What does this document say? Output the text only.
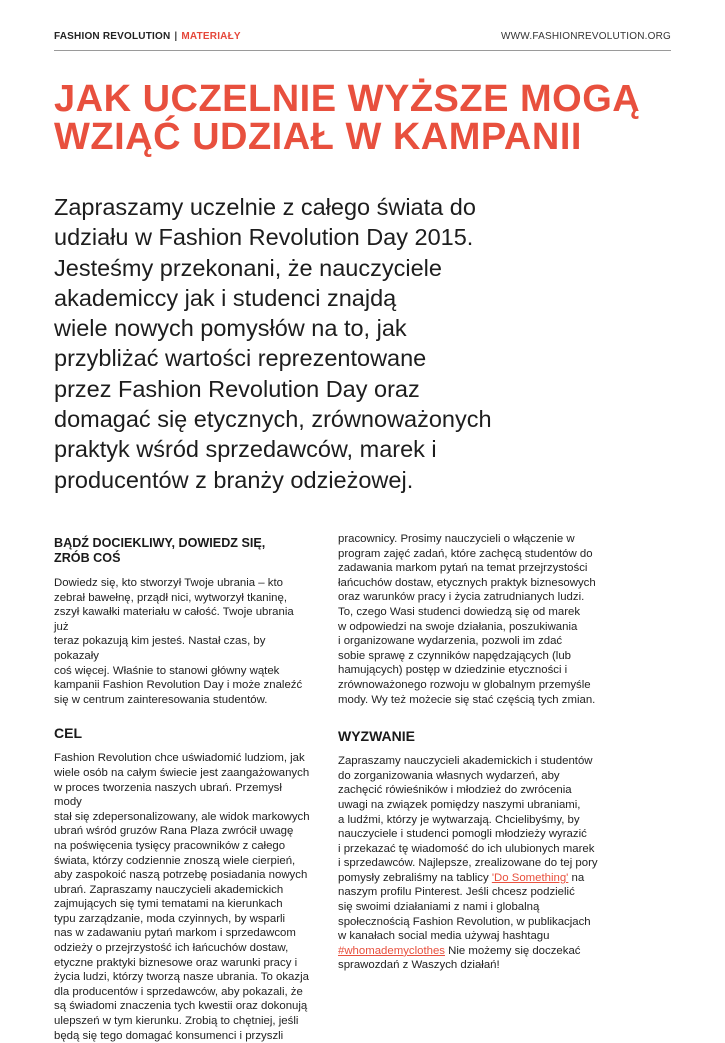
FASHION REVOLUTION | MATERIAŁY	WWW.FASHIONREVOLUTION.ORG
JAK UCZELNIE WYŻSZE MOGĄ
WZIĄĆ UDZIAŁ W KAMPANII
Zapraszamy uczelnie z całego świata do
udziału w Fashion Revolution Day 2015.
Jesteśmy przekonani, że nauczyciele
akademiccy jak i studenci znajdą
wiele nowych pomysłów na to, jak
przybliżać wartości reprezentowane
przez Fashion Revolution Day oraz
domagać się etycznych, zrównoważonych
praktyk wśród sprzedawców, marek i
producentów z branży odzieżowej.
BĄDŹ DOCIEKLIWY, DOWIEDZ SIĘ,
ZRÓB COŚ
Dowiedz się, kto stworzył Twoje ubrania – kto
zebrał bawełnę, prządł nici, wytworzył tkaninę,
zszył kawałki materiału w całość. Twoje ubrania już
teraz pokazują kim jesteś. Nastał czas, by pokazały
coś więcej. Właśnie to stanowi główny wątek
kampanii Fashion Revolution Day i może znaleźć
się w centrum zainteresowania studentów.
CEL
Fashion Revolution chce uświadomić ludziom, jak
wiele osób na całym świecie jest zaangażowanych
w proces tworzenia naszych ubrań. Przemysł mody
stał się zdepersonalizowany, ale widok markowych
ubrań wśród gruzów Rana Plaza zwrócił uwagę
na poświęcenia tysięcy pracowników z całego
świata, którzy codziennie znoszą wiele cierpień,
aby zaspokoić naszą potrzebę posiadania nowych
ubrań. Zapraszamy nauczycieli akademickich
zajmujących się tymi tematami na kierunkach
typu zarządzanie, moda czyinnych, by wsparli
nas w zadawaniu pytań markom i sprzedawcom
odzieży o przejrzystość ich łańcuchów dostaw,
etyczne praktyki biznesowe oraz warunki pracy i
życia ludzi, którzy tworzą nasze ubrania. To okazja
dla producentów i sprzedawców, aby pokazali, że
są świadomi znaczenia tych kwestii oraz dokonują
ulepszeń w tym kierunku. Zrobią to chętniej, jeśli
będą się tego domagać konsumenci i przyszli
pracownicy. Prosimy nauczycieli o włączenie w
program zajęć zadań, które zachęcą studentów do
zadawania markom pytań na temat przejrzystości
łańcuchów dostaw, etycznych praktyk biznesowych
oraz warunków pracy i życia zatrudnianych ludzi.
To, czego Wasi studenci dowiedzą się od marek
w odpowiedzi na swoje działania, poszukiwania
i organizowane wydarzenia, pozwoli im zdać
sobie sprawę z czynników napędzających (lub
hamujących) postęp w dziedzinie etyczności i
zrównoważonego rozwoju w globalnym przemyśle
mody. Wy też możecie się stać częścią tych zmian.
WYZWANIE
Zapraszamy nauczycieli akademickich i studentów
do zorganizowania własnych wydarzeń, aby
zachęcić rówieśników i młodzież do zwrócenia
uwagi na związek pomiędzy naszymi ubraniami,
a ludźmi, którzy je wytwarzają. Chcielibyśmy, by
nauczyciele i studenci pomogli młodzieży wyrazić
i przekazać tę wiadomość do ich ulubionych marek
i sprzedawców. Najlepsze, zrealizowane do tej pory
pomysły zebraliśmy na tablicy 'Do Something' na
naszym profilu Pinterest. Jeśli chcesz podzielić
się swoimi działaniami z nami i globalną
społecznością Fashion Revolution, w publikacjach
w kanałach social media używaj hashtagu
#whomademyclothes Nie możemy się doczekać
sprawozdań z Waszych działań!
